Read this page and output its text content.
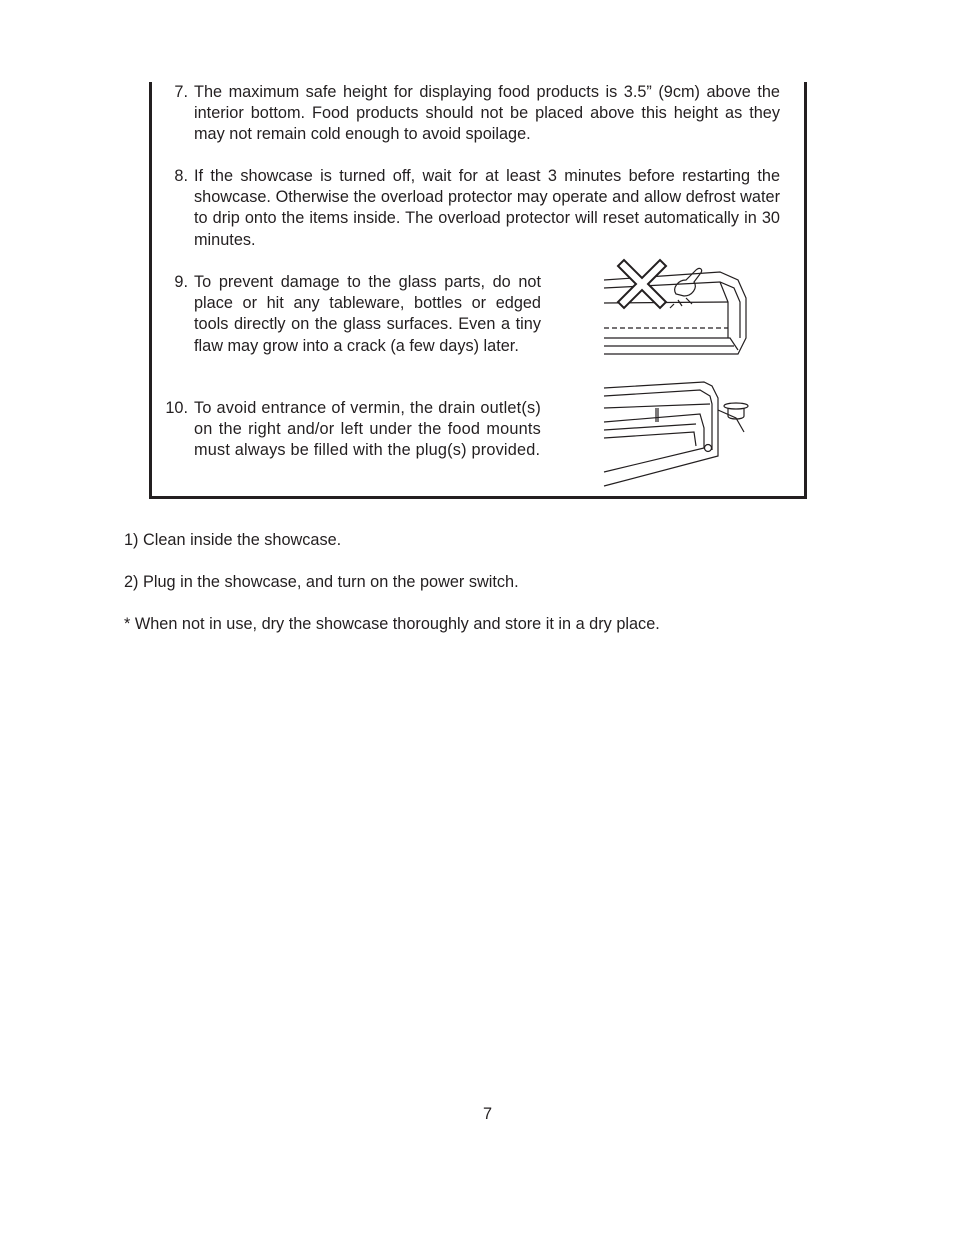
7. The maximum safe height for displaying food products is 3.5” (9cm) above the interior bottom. Food products should not be placed above this height as they may not remain cold enough to avoid spoilage.
8. If the showcase is turned off, wait for at least 3 minutes before restarting the showcase. Otherwise the overload protector may operate and allow defrost water to drip onto the items inside. The overload protector will reset automatically in 30 minutes.
9. To prevent damage to the glass parts, do not place or hit any tableware, bottles or edged tools directly on the glass surfaces. Even a tiny flaw may grow into a crack (a few days) later.
10. To avoid entrance of vermin, the drain outlet(s) on the right and/or left under the food mounts must always be filled with the plug(s) provided.
1) Clean inside the showcase.
2) Plug in the showcase, and turn on the power switch.
* When not in use, dry the showcase thoroughly and store it in a dry place.
7
